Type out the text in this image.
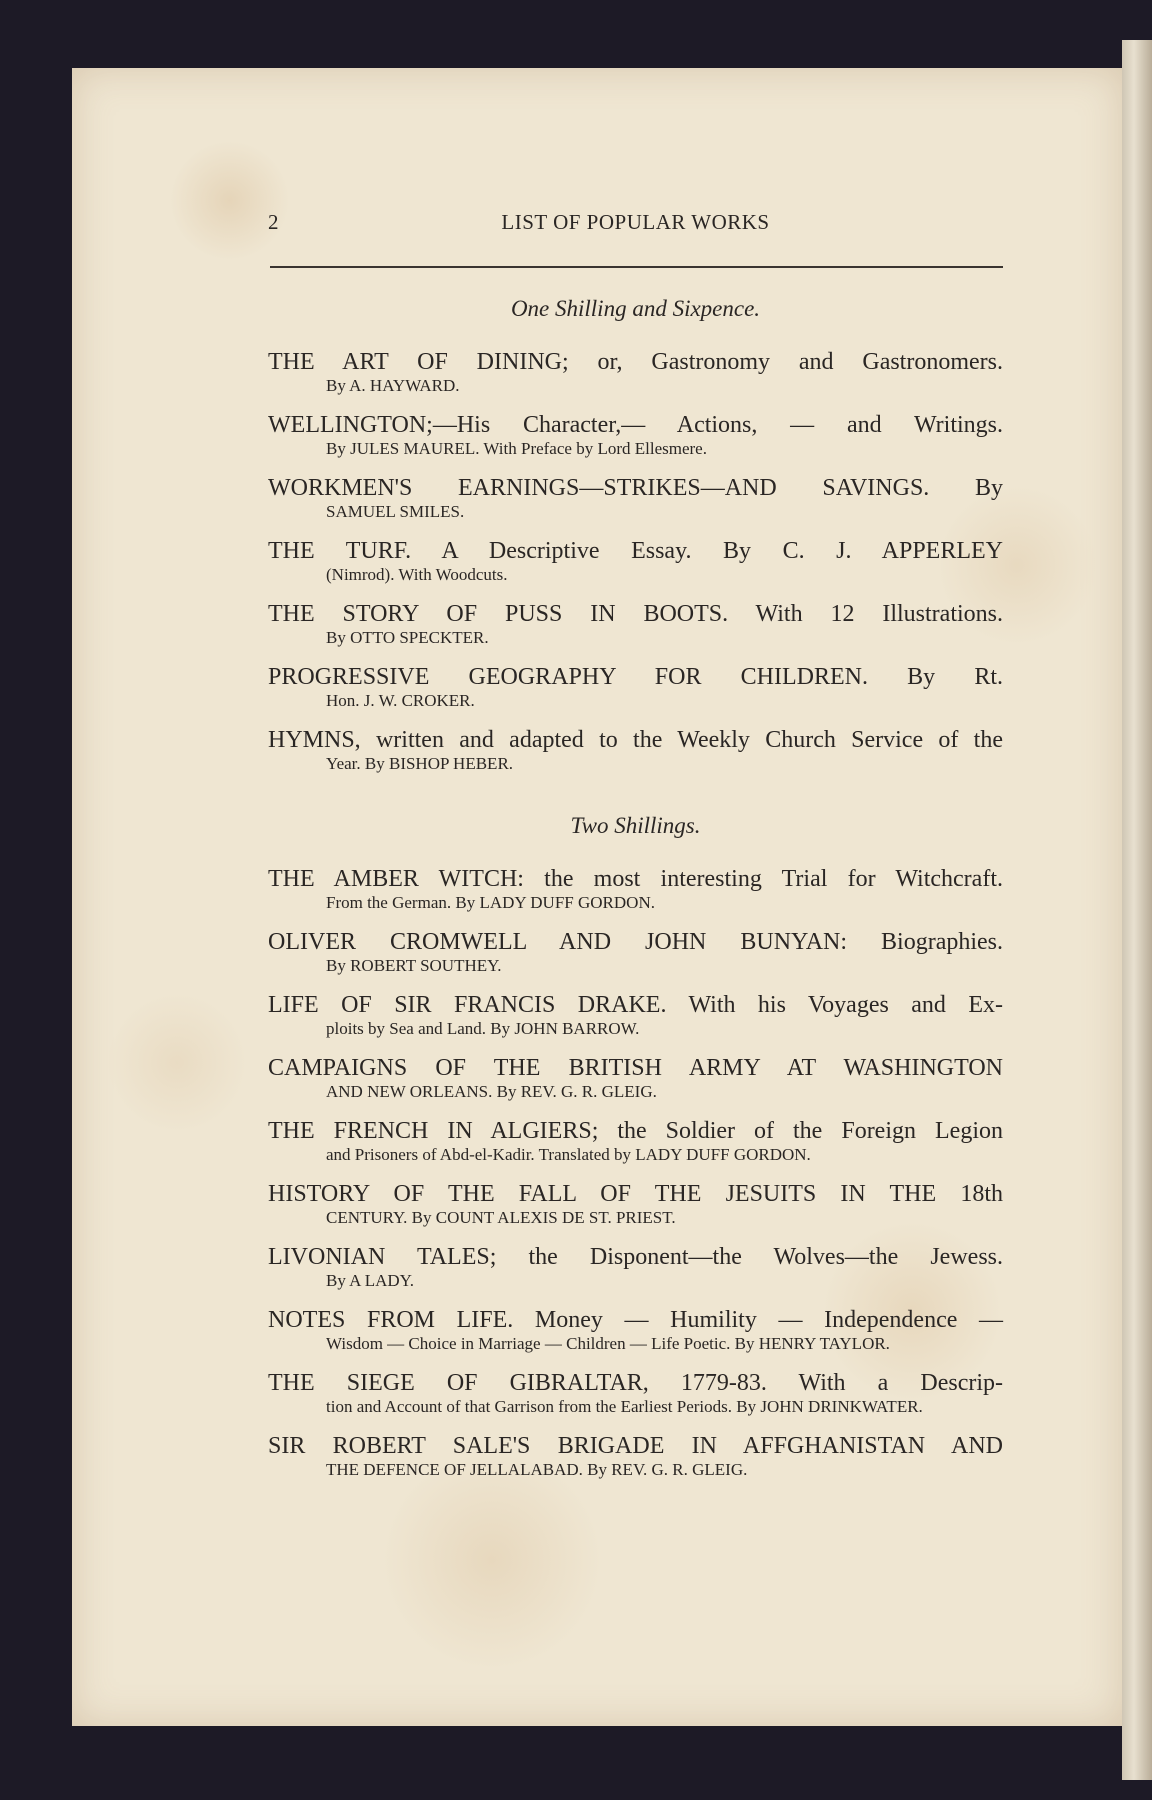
2	LIST OF POPULAR WORKS
One Shilling and Sixpence.
THE ART OF DINING; or, Gastronomy and Gastronomers.
By A. HAYWARD.
WELLINGTON;—His Character,— Actions, — and Writings.
By JULES MAUREL. With Preface by Lord Ellesmere.
WORKMEN'S EARNINGS—STRIKES—AND SAVINGS. By
SAMUEL SMILES.
THE TURF. A Descriptive Essay. By C. J. APPERLEY
(Nimrod). With Woodcuts.
THE STORY OF PUSS IN BOOTS. With 12 Illustrations.
By OTTO SPECKTER.
PROGRESSIVE GEOGRAPHY FOR CHILDREN. By Rt.
Hon. J. W. CROKER.
HYMNS, written and adapted to the Weekly Church Service of the
Year. By BISHOP HEBER.
Two Shillings.
THE AMBER WITCH: the most interesting Trial for Witchcraft.
From the German. By LADY DUFF GORDON.
OLIVER CROMWELL AND JOHN BUNYAN: Biographies.
By ROBERT SOUTHEY.
LIFE OF SIR FRANCIS DRAKE. With his Voyages and Ex-
ploits by Sea and Land. By JOHN BARROW.
CAMPAIGNS OF THE BRITISH ARMY AT WASHINGTON
AND NEW ORLEANS. By REV. G. R. GLEIG.
THE FRENCH IN ALGIERS; the Soldier of the Foreign Legion
and Prisoners of Abd-el-Kadir. Translated by LADY DUFF GORDON.
HISTORY OF THE FALL OF THE JESUITS IN THE 18th
CENTURY. By COUNT ALEXIS DE ST. PRIEST.
LIVONIAN TALES; the Disponent—the Wolves—the Jewess.
By A LADY.
NOTES FROM LIFE. Money — Humility — Independence —
Wisdom — Choice in Marriage — Children — Life Poetic. By HENRY TAYLOR.
THE SIEGE OF GIBRALTAR, 1779-83. With a Descrip-
tion and Account of that Garrison from the Earliest Periods. By JOHN DRINKWATER.
SIR ROBERT SALE'S BRIGADE IN AFFGHANISTAN AND
THE DEFENCE OF JELLALABAD. By REV. G. R. GLEIG.
